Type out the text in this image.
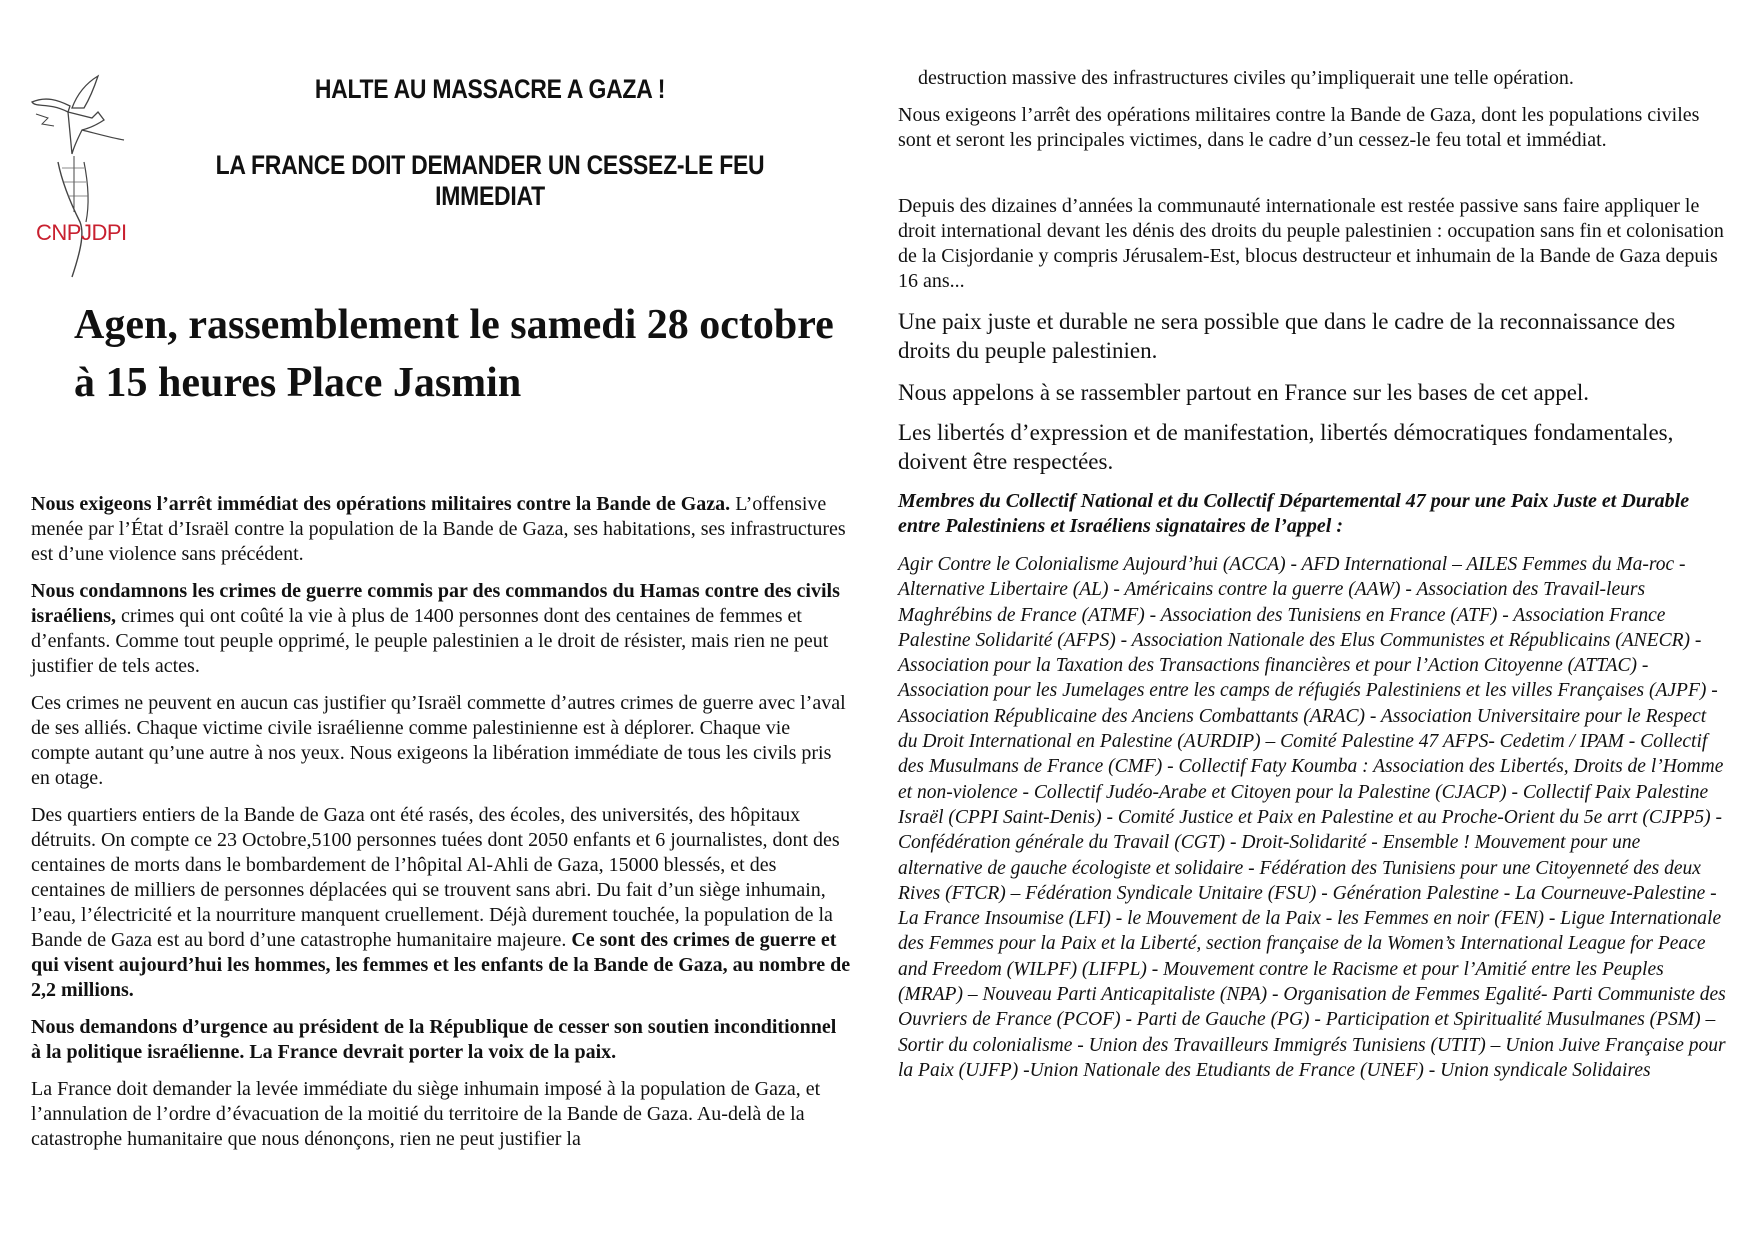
CNPJDPI
HALTE AU MASSACRE A GAZA !
LA FRANCE DOIT DEMANDER UN CESSEZ-LE FEU IMMEDIAT
Agen, rassemblement le samedi 28 octobre à 15 heures Place Jasmin

Nous exigeons l’arrêt immédiat des opérations militaires contre la Bande de Gaza. L’offensive menée par l’État d’Israël contre la population de la Bande de Gaza, ses habitations, ses infrastructures est d’une violence sans précédent.

Nous condamnons les crimes de guerre commis par des commandos du Hamas contre des civils israéliens, crimes qui ont coûté la vie à plus de 1400 personnes dont des centaines de femmes et d’enfants. Comme tout peuple opprimé, le peuple palestinien a le droit de résister, mais rien ne peut justifier de tels actes.

Ces crimes ne peuvent en aucun cas justifier qu’Israël commette d’autres crimes de guerre avec l’aval de ses alliés. Chaque victime civile israélienne comme palestinienne est à déplorer. Chaque vie compte autant qu’une autre à nos yeux. Nous exigeons la libération immédiate de tous les civils pris en otage.

Des quartiers entiers de la Bande de Gaza ont été rasés, des écoles, des universités, des hôpitaux détruits. On compte ce 23 Octobre,5100 personnes tuées dont 2050 enfants et 6 journalistes, dont des centaines de morts dans le bombardement de l’hôpital Al-Ahli de Gaza, 15000 blessés, et des centaines de milliers de personnes déplacées qui se trouvent sans abri. Du fait d’un siège inhumain, l’eau, l’électricité et la nourriture manquent cruellement. Déjà durement touchée, la population de la Bande de Gaza est au bord d’une catastrophe humanitaire majeure. Ce sont des crimes de guerre et qui visent aujourd’hui les hommes, les femmes et les enfants de la Bande de Gaza, au nombre de 2,2 millions.

Nous demandons d’urgence au président de la République de cesser son soutien inconditionnel à la politique israélienne. La France devrait porter la voix de la paix.

La France doit demander la levée immédiate du siège inhumain imposé à la population de Gaza, et l’annulation de l’ordre d’évacuation de la moitié du territoire de la Bande de Gaza. Au-delà de la catastrophe humanitaire que nous dénonçons, rien ne peut justifier la

destruction massive des infrastructures civiles qu’impliquerait une telle opération.
Nous exigeons l’arrêt des opérations militaires contre la Bande de Gaza, dont les populations civiles sont et seront les principales victimes, dans le cadre d’un cessez-le feu total et immédiat.
Depuis des dizaines d’années la communauté internationale est restée passive sans faire appliquer le droit international devant les dénis des droits du peuple palestinien : occupation sans fin et colonisation de la Cisjordanie y compris Jérusalem-Est, blocus destructeur et inhumain de la Bande de Gaza depuis 16 ans...
Une paix juste et durable ne sera possible que dans le cadre de la reconnaissance des droits du peuple palestinien.
Nous appelons à se rassembler partout en France sur les bases de cet appel.
Les libertés d’expression et de manifestation, libertés démocratiques fondamentales, doivent être respectées.
Membres du Collectif National et du Collectif Départemental 47 pour une Paix Juste et Durable entre Palestiniens et Israéliens signataires de l’appel :
Agir Contre le Colonialisme Aujourd’hui (ACCA) - AFD International – AILES Femmes du Ma-roc - Alternative Libertaire (AL) - Américains contre la guerre (AAW) - Association des Travail-leurs Maghrébins de France (ATMF) - Association des Tunisiens en France (ATF) - Association France Palestine Solidarité (AFPS) - Association Nationale des Elus Communistes et Républicains (ANECR) - Association pour la Taxation des Transactions financières et pour l’Action Citoyenne (ATTAC) - Association pour les Jumelages entre les camps de réfugiés Palestiniens et les villes Françaises (AJPF) - Association Républicaine des Anciens Combattants (ARAC) - Association Universitaire pour le Respect du Droit International en Palestine (AURDIP) – Comité Palestine 47 AFPS- Cedetim / IPAM - Collectif des Musulmans de France (CMF) - Collectif Faty Koumba : Association des Libertés, Droits de l’Homme et non-violence - Collectif Judéo-Arabe et Citoyen pour la Palestine (CJACP) - Collectif Paix Palestine Israël (CPPI Saint-Denis) - Comité Justice et Paix en Palestine et au Proche-Orient du 5e arrt (CJPP5) - Confédération générale du Travail (CGT) - Droit-Solidarité - Ensemble ! Mouvement pour une alternative de gauche écologiste et solidaire - Fédération des Tunisiens pour une Citoyenneté des deux Rives (FTCR) – Fédération Syndicale Unitaire (FSU) - Génération Palestine - La Courneuve-Palestine - La France Insoumise (LFI) - le Mouvement de la Paix - les Femmes en noir (FEN) - Ligue Internationale des Femmes pour la Paix et la Liberté, section française de la Women’s International League for Peace and Freedom (WILPF) (LIFPL) - Mouvement contre le Racisme et pour l’Amitié entre les Peuples (MRAP) – Nouveau Parti Anticapitaliste (NPA) - Organisation de Femmes Egalité- Parti Communiste des Ouvriers de France (PCOF) - Parti de Gauche (PG) - Participation et Spiritualité Musulmanes (PSM) –Sortir du colonialisme - Union des Travailleurs Immigrés Tunisiens (UTIT) – Union Juive Française pour la Paix (UJFP) -Union Nationale des Etudiants de France (UNEF) - Union syndicale Solidaires
